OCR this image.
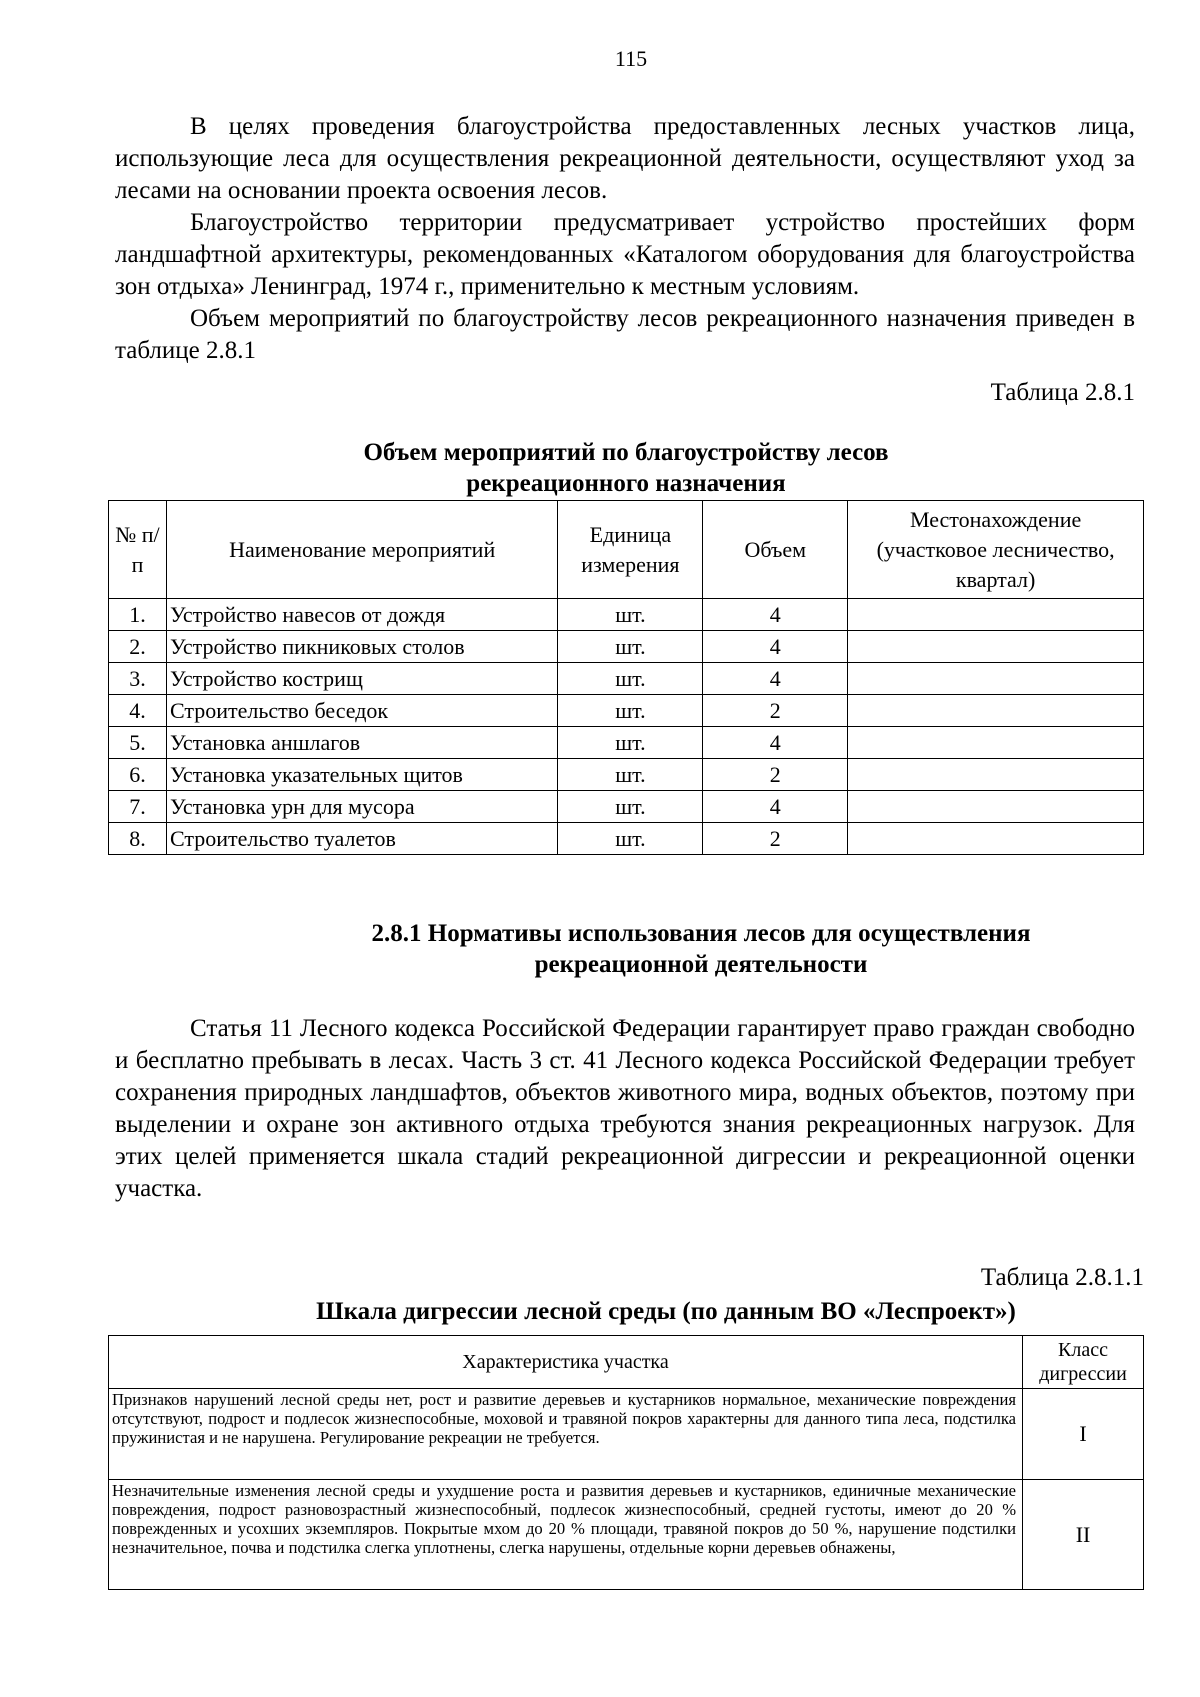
115

В целях проведения благоустройства предоставленных лесных участков лица, использующие леса для осуществления рекреационной деятельности, осуществляют уход за лесами на основании проекта освоения лесов.

Благоустройство территории предусматривает устройство простейших форм ландшафтной архитектуры, рекомендованных «Каталогом оборудования для благоустройства зон отдыха» Ленинград, 1974 г., применительно к местным условиям.

Объем мероприятий по благоустройству лесов рекреационного назначения приведен в таблице 2.8.1

Таблица 2.8.1

Объем мероприятий по благоустройству лесов

рекреационного назначения

№ п/п	Наименование мероприятий	Единица измерения	Объем	Местонахождение (участковое лесничество, квартал)
1.	Устройство навесов от дождя	шт.	4	
2.	Устройство пикниковых столов	шт.	4	
3.	Устройство кострищ	шт.	4	
4.	Строительство беседок	шт.	2	
5.	Установка аншлагов	шт.	4	
6.	Установка указательных щитов	шт.	2	
7.	Установка урн для мусора	шт.	4	
8.	Строительство туалетов	шт.	2	

2.8.1 Нормативы использования лесов для осуществления

рекреационной деятельности

Статья 11 Лесного кодекса Российской Федерации гарантирует право граждан свободно и бесплатно пребывать в лесах. Часть 3 ст. 41 Лесного кодекса Российской Федерации требует сохранения природных ландшафтов, объектов животного мира, водных объектов, поэтому при выделении и охране зон активного отдыха требуются знания рекреационных нагрузок. Для этих целей применяется шкала стадий рекреационной дигрессии и рекреационной оценки участка.

Таблица 2.8.1.1

Шкала дигрессии лесной среды (по данным ВО «Леспроект»)

Характеристика участка	Класс дигрессии
Признаков нарушений лесной среды нет, рост и развитие деревьев и кустарников нормальное, механические повреждения отсутствуют, подрост и подлесок жизнеспособные, моховой и травяной покров характерны для данного типа леса, подстилка пружинистая и не нарушена. Регулирование рекреации не требуется.	I
Незначительные изменения лесной среды и ухудшение роста и развития деревьев и кустарников, единичные механические повреждения, подрост разновозрастный жизнеспособный, подлесок жизнеспособный, средней густоты, имеют до 20 % поврежденных и усохших экземпляров. Покрытые мхом до 20 % площади, травяной покров до 50 %, нарушение подстилки незначительное, почва и подстилка слегка уплотнены, слегка нарушены, отдельные корни деревьев обнажены,	II
